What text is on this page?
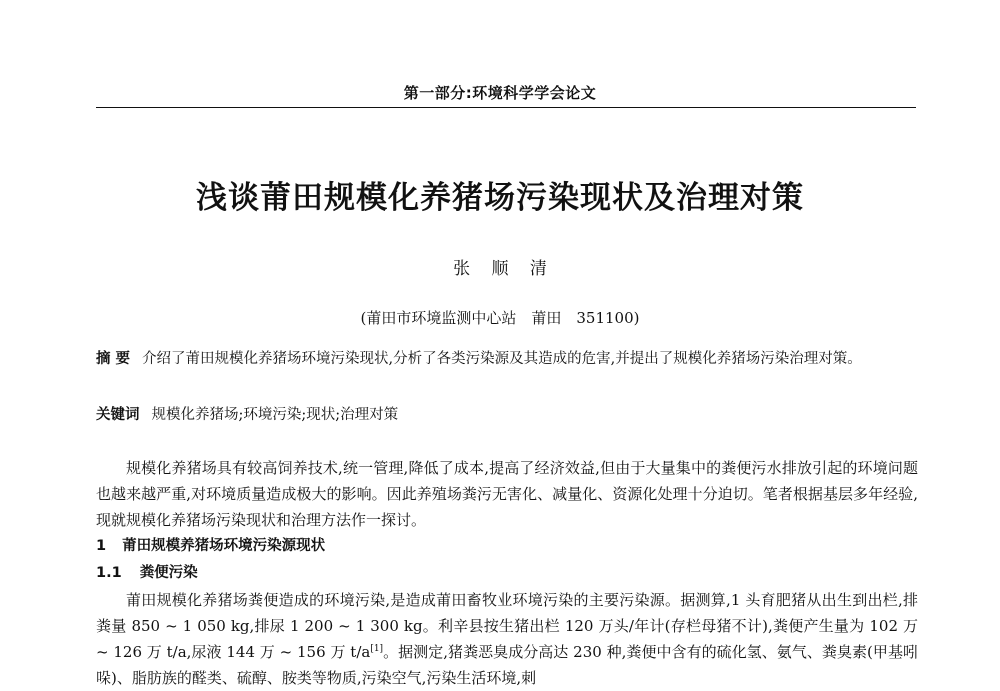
第一部分:环境科学学会论文
浅谈莆田规模化养猪场污染现状及治理对策
张 顺 清
(莆田市环境监测中心站　莆田　351100)
摘 要 介绍了莆田规模化养猪场环境污染现状,分析了各类污染源及其造成的危害,并提出了规模化养猪场污染治理对策。
关键词 规模化养猪场;环境污染;现状;治理对策

规模化养猪场具有较高饲养技术,统一管理,降低了成本,提高了经济效益,但由于大量集中的粪便污水排放引起的环境问题也越来越严重,对环境质量造成极大的影响。因此养殖场粪污无害化、减量化、资源化处理十分迫切。笔者根据基层多年经验,现就规模化养猪场污染现状和治理方法作一探讨。

1 莆田规模养猪场环境污染源现状

1.1 粪便污染

莆田规模化养猪场粪便造成的环境污染,是造成莆田畜牧业环境污染的主要污染源。据测算,1 头育肥猪从出生到出栏,排粪量 850 ~ 1 050 kg,排尿 1 200 ~ 1 300 kg。利辛县按生猪出栏 120 万头/年计(存栏母猪不计),粪便产生量为 102 万 ~ 126 万 t/a,尿液 144 万 ~ 156 万 t/a[1]。据测定,猪粪恶臭成分高达 230 种,粪便中含有的硫化氢、氨气、粪臭素(甲基吲哚)、脂肪族的醛类、硫醇、胺类等物质,污染空气,污染生活环境,刺
